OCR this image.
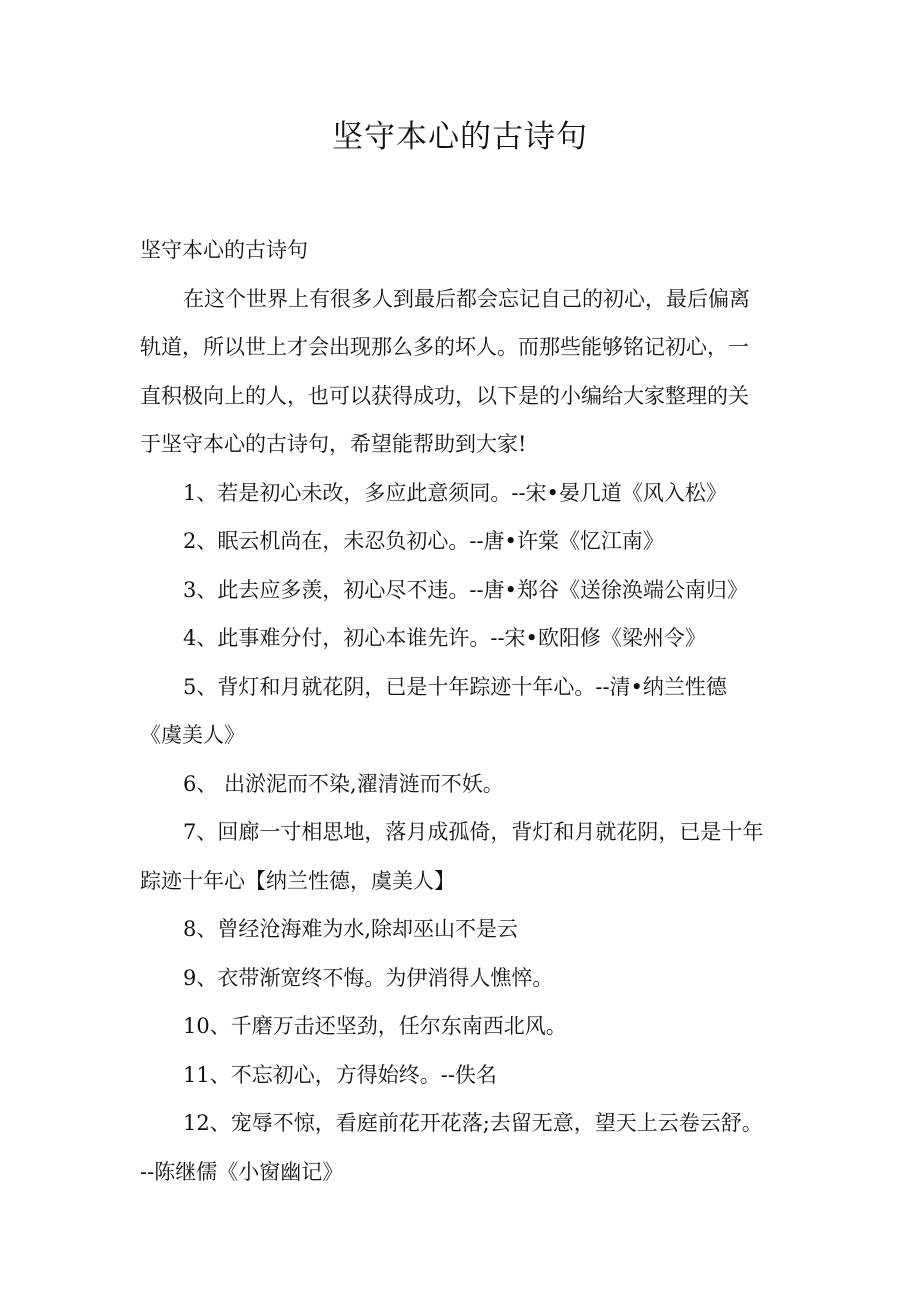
坚守本心的古诗句

坚守本心的古诗句

在这个世界上有很多人到最后都会忘记自己的初心，最后偏离

轨道，所以世上才会出现那么多的坏人。而那些能够铭记初心，一

直积极向上的人，也可以获得成功，以下是的小编给大家整理的关

于坚守本心的古诗句，希望能帮助到大家!

1、若是初心未改，多应此意须同。--宋•晏几道《风入松》

2、眠云机尚在，未忍负初心。--唐•许棠《忆江南》

3、此去应多羡，初心尽不违。--唐•郑谷《送徐涣端公南归》

4、此事难分付，初心本谁先许。--宋•欧阳修《梁州令》

5、背灯和月就花阴，已是十年踪迹十年心。--清•纳兰性德

《虞美人》

6、 出淤泥而不染,濯清涟而不妖。

7、回廊一寸相思地，落月成孤倚，背灯和月就花阴，已是十年

踪迹十年心【纳兰性德，虞美人】

8、曾经沧海难为水,除却巫山不是云

9、衣带渐宽终不悔。为伊消得人憔悴。

10、千磨万击还坚劲，任尔东南西北风。

11、不忘初心，方得始终。--佚名

12、宠辱不惊，看庭前花开花落;去留无意，望天上云卷云舒。

--陈继儒《小窗幽记》
